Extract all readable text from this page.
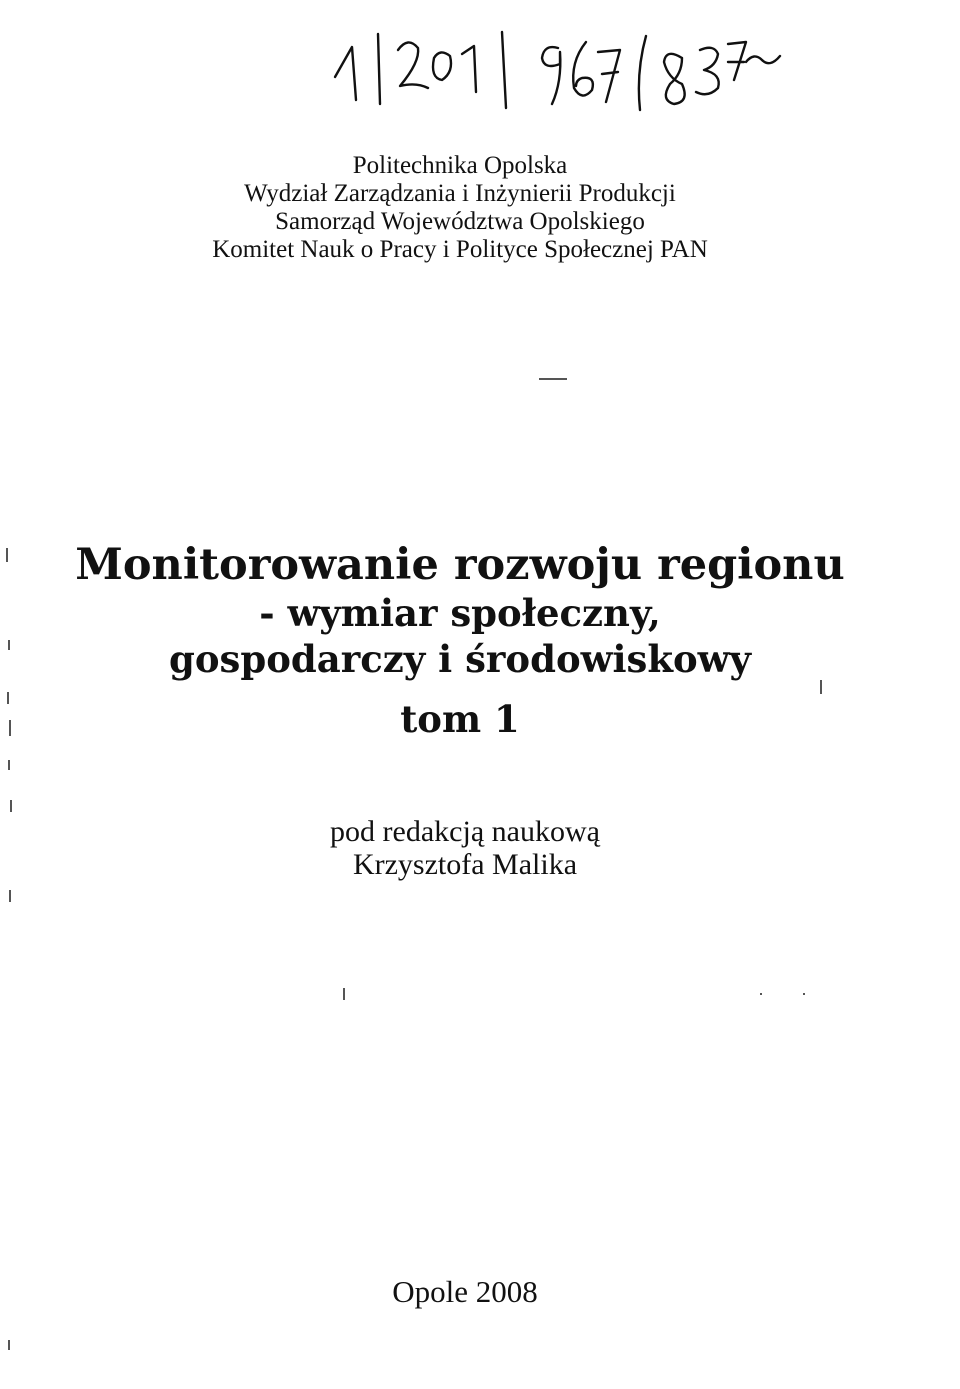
Politechnika Opolska
Wydział Zarządzania i Inżynierii Produkcji
Samorząd Województwa Opolskiego
Komitet Nauk o Pracy i Polityce Społecznej PAN
Monitorowanie rozwoju regionu
- wymiar społeczny,
gospodarczy i środowiskowy
tom 1
pod redakcją naukową
Krzysztofa Malika
Opole 2008
